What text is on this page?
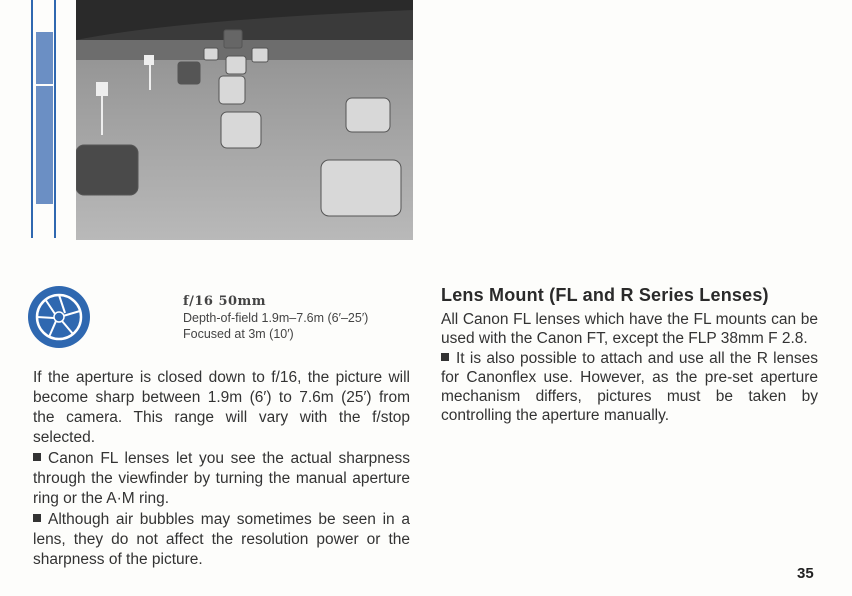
f/16 50mm
Depth-of-field 1.9m–7.6m (6′–25′)
Focused at 3m (10′)

If the aperture is closed down to f/16, the picture will become sharp between 1.9m (6′) to 7.6m (25′) from the camera. This range will vary with the f/stop selected.

Canon FL lenses let you see the actual sharpness through the viewfinder by turning the manual aperture ring or the A·M ring.

Although air bubbles may sometimes be seen in a lens, they do not affect the resolution power or the sharpness of the picture.

Lens Mount (FL and R Series Lenses)

All Canon FL lenses which have the FL mounts can be used with the Canon FT, except the FLP 38mm F 2.8.

It is also possible to attach and use all the R lenses for Canonflex use. However, as the pre-set aperture mechanism differs, pictures must be taken by controlling the aperture manually.

35
